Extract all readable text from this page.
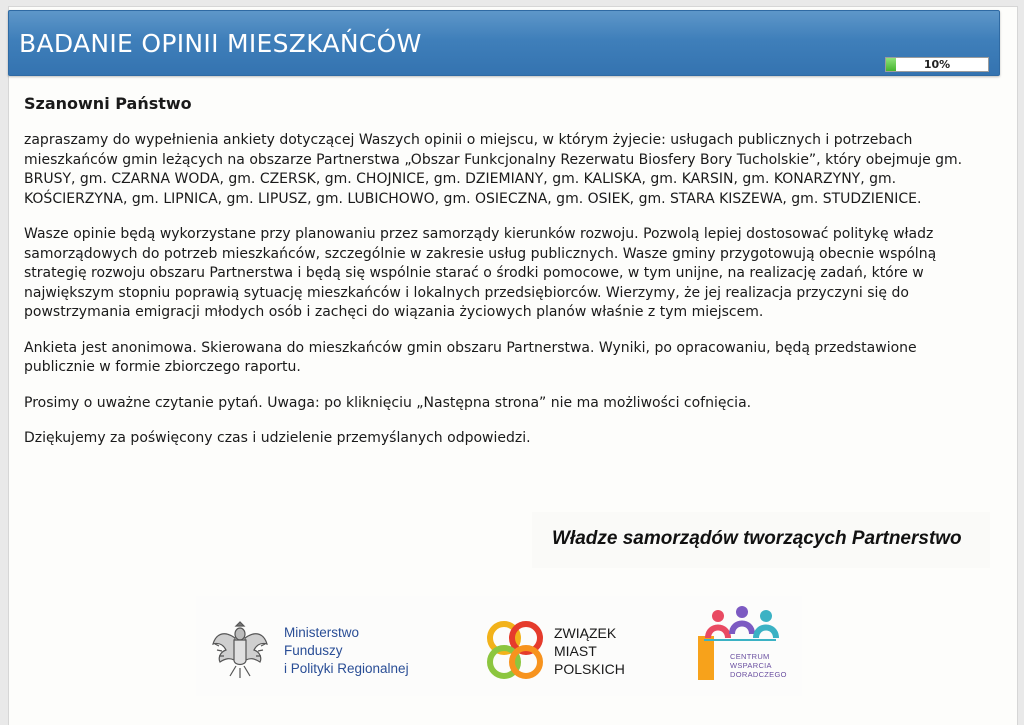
BADANIE OPINII MIESZKAŃCÓW
10%
Szanowni Państwo

zapraszamy do wypełnienia ankiety dotyczącej Waszych opinii o miejscu, w którym żyjecie: usługach publicznych i potrzebach mieszkańców gmin leżących na obszarze Partnerstwa „Obszar Funkcjonalny Rezerwatu Biosfery Bory Tucholskie”, który obejmuje gm. BRUSY, gm. CZARNA WODA, gm. CZERSK, gm. CHOJNICE, gm. DZIEMIANY, gm. KALISKA, gm. KARSIN, gm. KONARZYNY, gm. KOŚCIERZYNA, gm. LIPNICA, gm. LIPUSZ, gm. LUBICHOWO, gm. OSIECZNA, gm. OSIEK, gm. STARA KISZEWA, gm. STUDZIENICE.

Wasze opinie będą wykorzystane przy planowaniu przez samorządy kierunków rozwoju. Pozwolą lepiej dostosować politykę władz samorządowych do potrzeb mieszkańców, szczególnie w zakresie usług publicznych. Wasze gminy przygotowują obecnie wspólną strategię rozwoju obszaru Partnerstwa i będą się wspólnie starać o środki pomocowe, w tym unijne, na realizację zadań, które w największym stopniu poprawią sytuację mieszkańców i lokalnych przedsiębiorców. Wierzymy, że jej realizacja przyczyni się do powstrzymania emigracji młodych osób i zachęci do wiązania życiowych planów właśnie z tym miejscem.

Ankieta jest anonimowa. Skierowana do mieszkańców gmin obszaru Partnerstwa. Wyniki, po opracowaniu, będą przedstawione publicznie w formie zbiorczego raportu.

Prosimy o uważne czytanie pytań. Uwaga: po kliknięciu „Następna strona” nie ma możliwości cofnięcia.

Dziękujemy za poświęcony czas i udzielenie przemyślanych odpowiedzi.

Władze samorządów tworzących Partnerstwo
Ministerstwo
Funduszy
i Polityki Regionalnej
ZWIĄZEK
MIAST
POLSKICH
CENTRUM
WSPARCIA
DORADCZEGO
